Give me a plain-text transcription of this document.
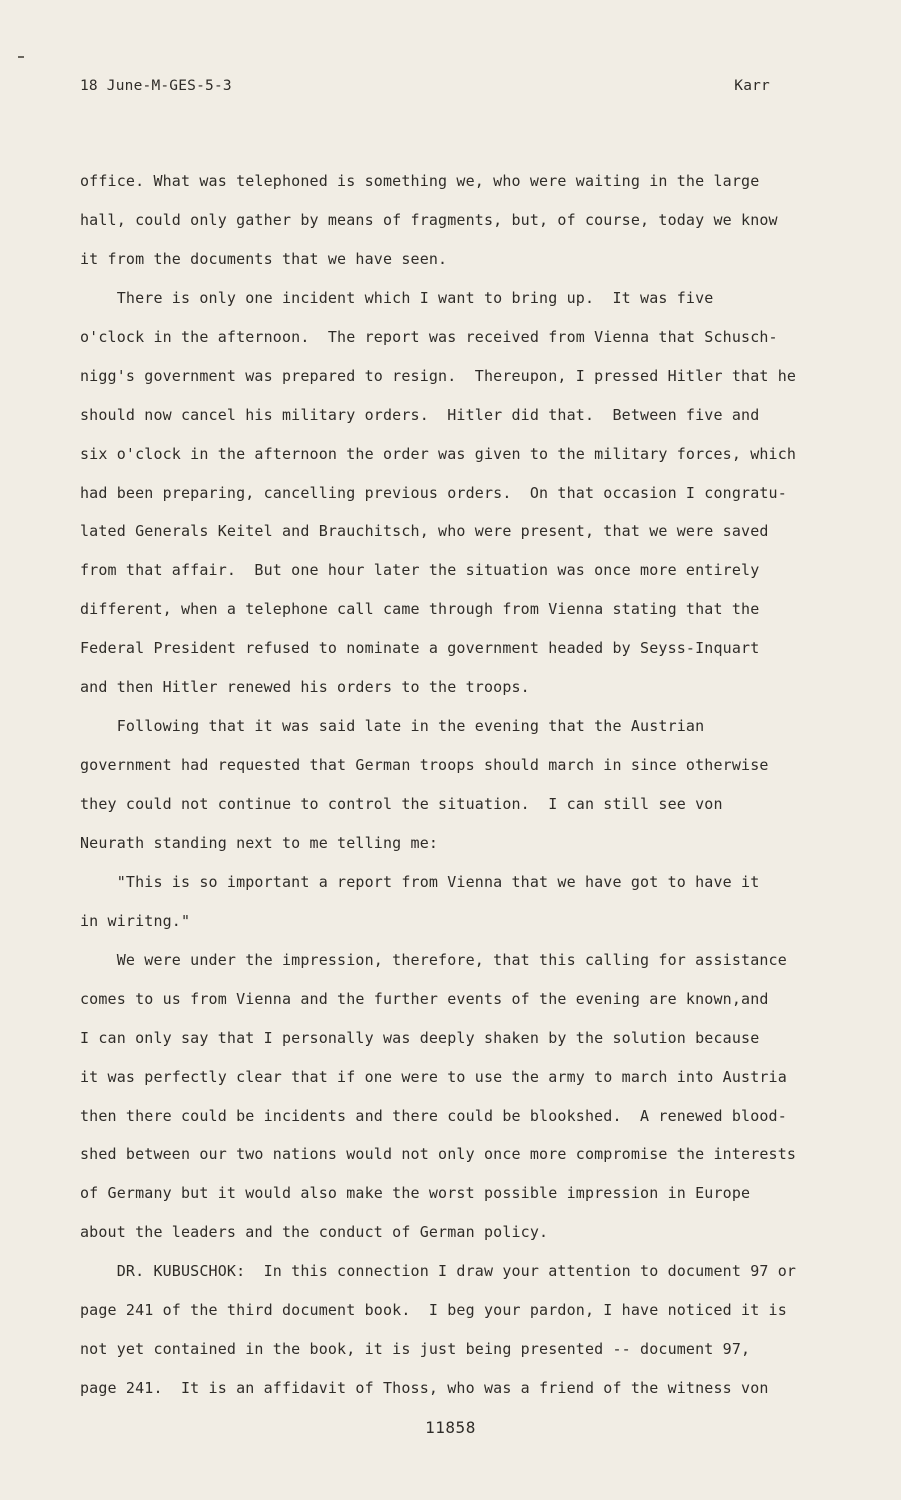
18 June-M-GES-5-3	Karr
office. What was telephoned is something we, who were waiting in the large
hall, could only gather by means of fragments, but, of course, today we know
it from the documents that we have seen.
There is only one incident which I want to bring up.  It was five
o'clock in the afternoon.  The report was received from Vienna that Schusch-
nigg's government was prepared to resign.  Thereupon, I pressed Hitler that he
should now cancel his military orders.  Hitler did that.  Between five and
six o'clock in the afternoon the order was given to the military forces, which
had been preparing, cancelling previous orders.  On that occasion I congratu-
lated Generals Keitel and Brauchitsch, who were present, that we were saved
from that affair.  But one hour later the situation was once more entirely
different, when a telephone call came through from Vienna stating that the
Federal President refused to nominate a government headed by Seyss-Inquart
and then Hitler renewed his orders to the troops.
Following that it was said late in the evening that the Austrian
government had requested that German troops should march in since otherwise
they could not continue to control the situation.  I can still see von
Neurath standing next to me telling me:
"This is so important a report from Vienna that we have got to have it
in wiritng."
We were under the impression, therefore, that this calling for assistance
comes to us from Vienna and the further events of the evening are known,and
I can only say that I personally was deeply shaken by the solution because
it was perfectly clear that if one were to use the army to march into Austria
then there could be incidents and there could be blookshed.  A renewed blood-
shed between our two nations would not only once more compromise the interests
of Germany but it would also make the worst possible impression in Europe
about the leaders and the conduct of German policy.
DR. KUBUSCHOK:  In this connection I draw your attention to document 97 or
page 241 of the third document book.  I beg your pardon, I have noticed it is
not yet contained in the book, it is just being presented -- document 97,
page 241.  It is an affidavit of Thoss, who was a friend of the witness von
11858
